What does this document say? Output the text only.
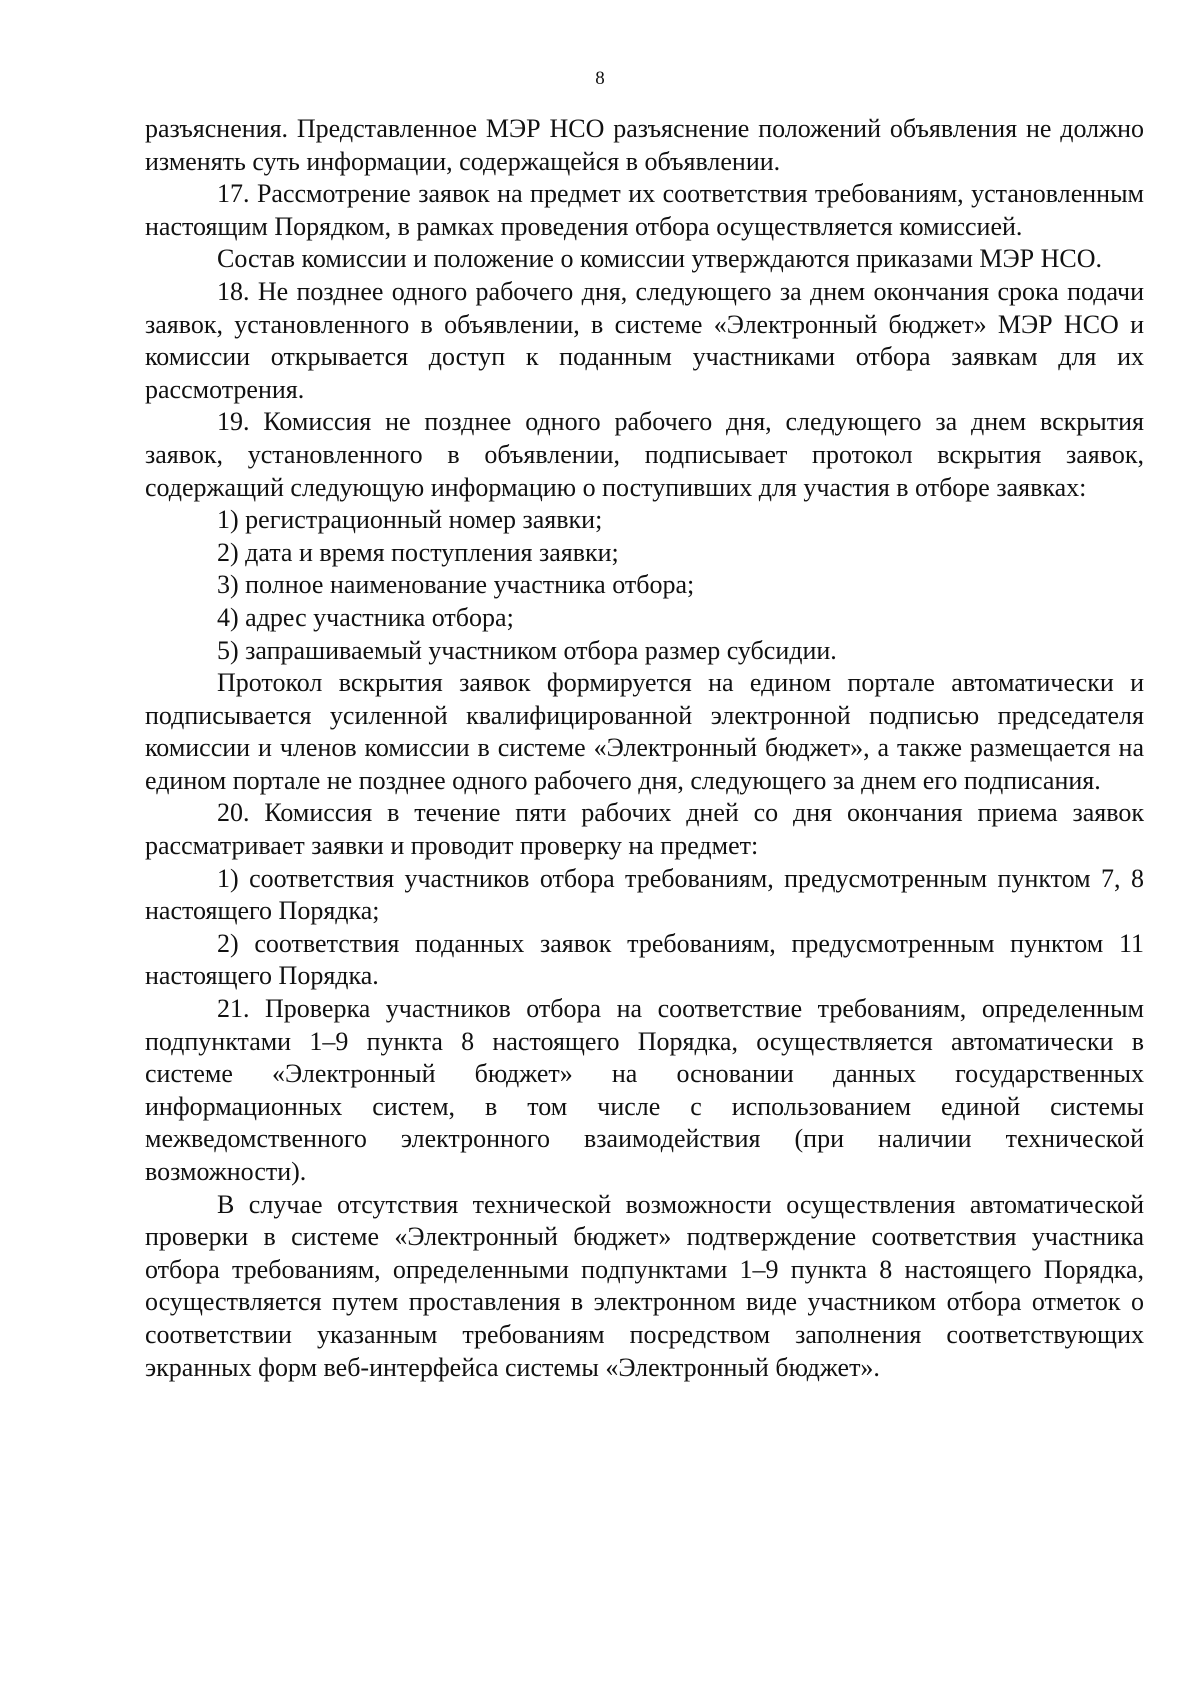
8

разъяснения. Представленное МЭР НСО разъяснение положений объявления не должно изменять суть информации, содержащейся в объявлении.

17. Рассмотрение заявок на предмет их соответствия требованиям, установленным настоящим Порядком, в рамках проведения отбора осуществляется комиссией.

Состав комиссии и положение о комиссии утверждаются приказами МЭР НСО.

18. Не позднее одного рабочего дня, следующего за днем окончания срока подачи заявок, установленного в объявлении, в системе «Электронный бюджет» МЭР НСО и комиссии открывается доступ к поданным участниками отбора заявкам для их рассмотрения.

19. Комиссия не позднее одного рабочего дня, следующего за днем вскрытия заявок, установленного в объявлении, подписывает протокол вскрытия заявок, содержащий следующую информацию о поступивших для участия в отборе заявках:

1) регистрационный номер заявки;

2) дата и время поступления заявки;

3) полное наименование участника отбора;

4) адрес участника отбора;

5) запрашиваемый участником отбора размер субсидии.

Протокол вскрытия заявок формируется на едином портале автоматически и подписывается усиленной квалифицированной электронной подписью председателя комиссии и членов комиссии в системе «Электронный бюджет», а также размещается на едином портале не позднее одного рабочего дня, следующего за днем его подписания.

20. Комиссия в течение пяти рабочих дней со дня окончания приема заявок рассматривает заявки и проводит проверку на предмет:

1) соответствия участников отбора требованиям, предусмотренным пунктом 7, 8 настоящего Порядка;

2) соответствия поданных заявок требованиям, предусмотренным пунктом 11 настоящего Порядка.

21. Проверка участников отбора на соответствие требованиям, определенным подпунктами 1–9 пункта 8 настоящего Порядка, осуществляется автоматически в системе «Электронный бюджет» на основании данных государственных информационных систем, в том числе с использованием единой системы межведомственного электронного взаимодействия (при наличии технической возможности).

В случае отсутствия технической возможности осуществления автоматической проверки в системе «Электронный бюджет» подтверждение соответствия участника отбора требованиям, определенными подпунктами 1–9 пункта 8 настоящего Порядка, осуществляется путем проставления в электронном виде участником отбора отметок о соответствии указанным требованиям посредством заполнения соответствующих экранных форм веб-интерфейса системы «Электронный бюджет».
